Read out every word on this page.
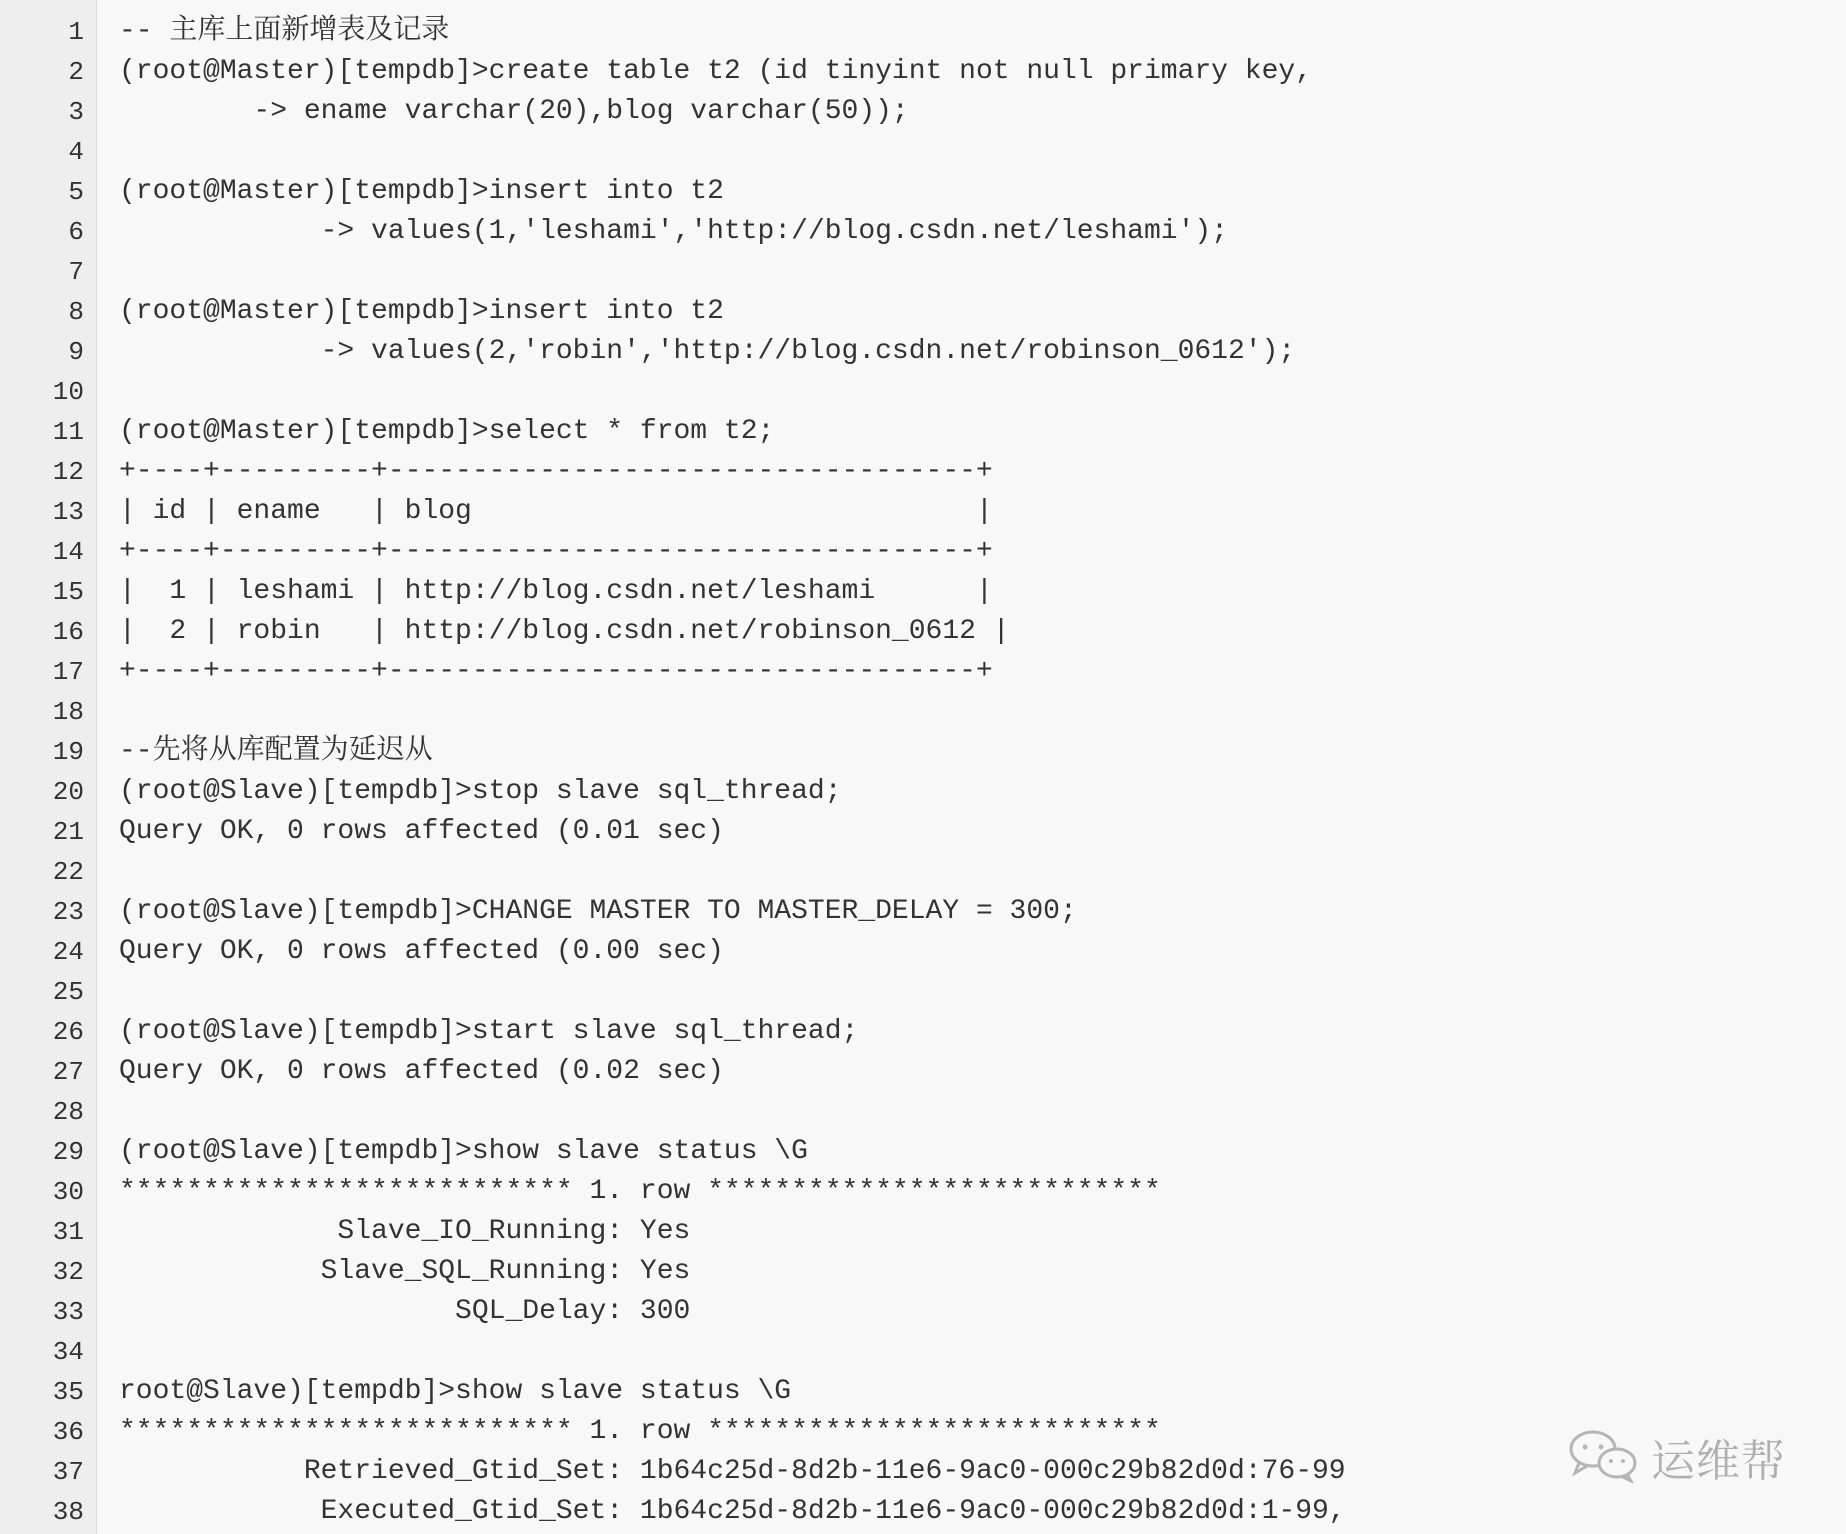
1
2
3
4
5
6
7
8
9
10
11
12
13
14
15
16
17
18
19
20
21
22
23
24
25
26
27
28
29
30
31
32
33
34
35
36
37
38
-- 主库上面新增表及记录
(root@Master)[tempdb]>create table t2 (id tinyint not null primary key,
-> ename varchar(20),blog varchar(50));
(root@Master)[tempdb]>insert into t2
-> values(1,'leshami','http://blog.csdn.net/leshami');
(root@Master)[tempdb]>insert into t2
-> values(2,'robin','http://blog.csdn.net/robinson_0612');
(root@Master)[tempdb]>select * from t2;
+----+---------+-----------------------------------+
| id | ename   | blog                              |
+----+---------+-----------------------------------+
|  1 | leshami | http://blog.csdn.net/leshami      |
|  2 | robin   | http://blog.csdn.net/robinson_0612 |
+----+---------+-----------------------------------+
--先将从库配置为延迟从
(root@Slave)[tempdb]>stop slave sql_thread;
Query OK, 0 rows affected (0.01 sec)
(root@Slave)[tempdb]>CHANGE MASTER TO MASTER_DELAY = 300;
Query OK, 0 rows affected (0.00 sec)
(root@Slave)[tempdb]>start slave sql_thread;
Query OK, 0 rows affected (0.02 sec)
(root@Slave)[tempdb]>show slave status \G
*************************** 1. row ***************************
Slave_IO_Running: Yes
Slave_SQL_Running: Yes
SQL_Delay: 300
root@Slave)[tempdb]>show slave status \G
*************************** 1. row ***************************
Retrieved_Gtid_Set: 1b64c25d-8d2b-11e6-9ac0-000c29b82d0d:76-99
Executed_Gtid_Set: 1b64c25d-8d2b-11e6-9ac0-000c29b82d0d:1-99,
运维帮
